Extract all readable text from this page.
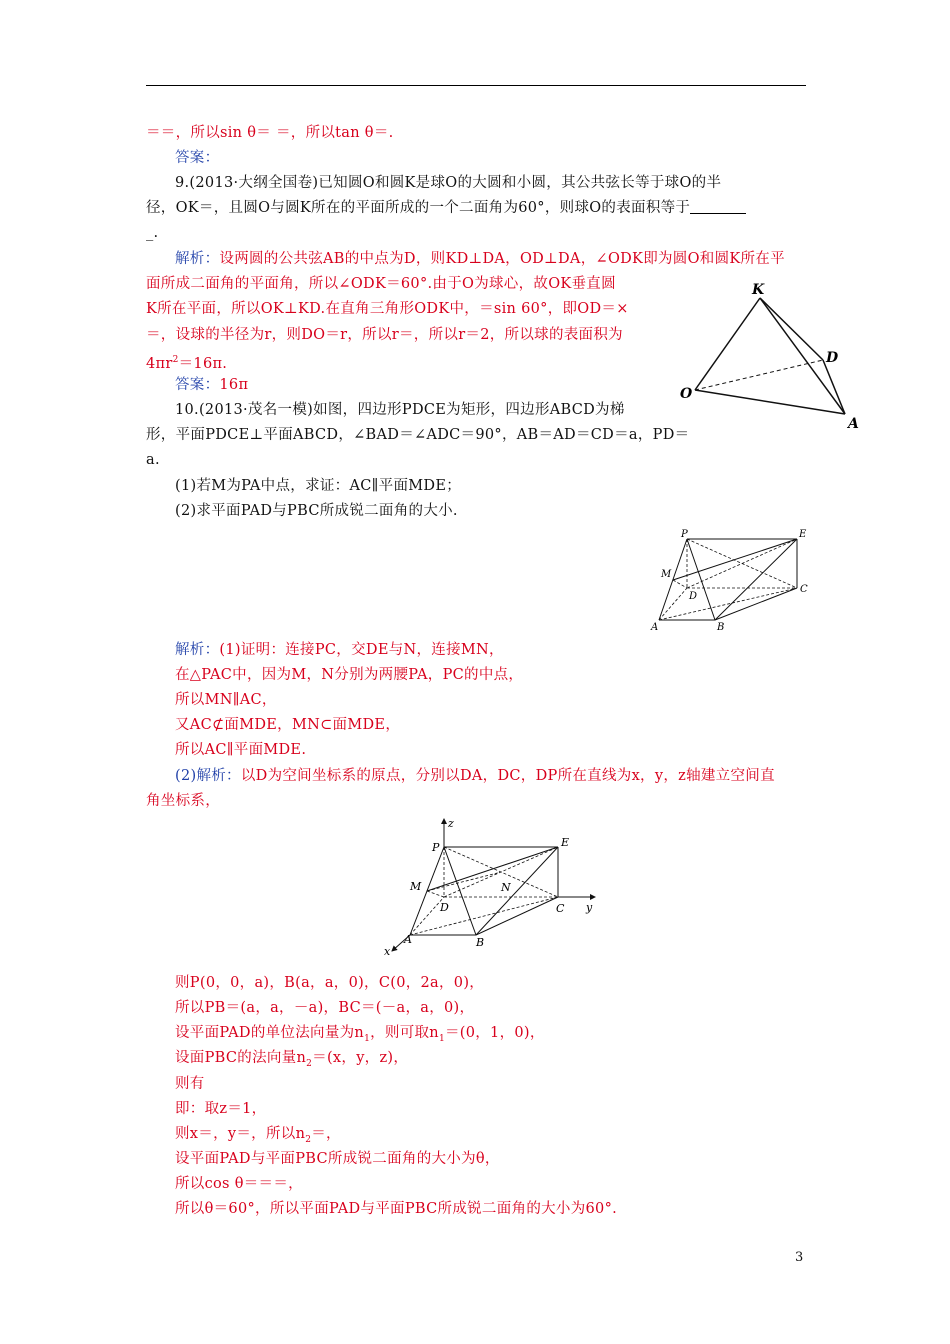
＝＝，所以sin θ＝ ＝，所以tan θ＝.
答案：
9.(2013·大纲全国卷)已知圆O和圆K是球O的大圆和小圆，其公共弦长等于球O的半
径，OK＝，且圆O与圆K所在的平面所成的一个二面角为60°，则球O的表面积等于
_.
解析：设两圆的公共弦AB的中点为D，则KD⊥DA，OD⊥DA，∠ODK即为圆O和圆K所在平
面所成二面角的平面角，所以∠ODK＝60°.由于O为球心，故OK垂直圆
K所在平面，所以OK⊥KD.在直角三角形ODK中，＝sin 60°，即OD＝×
＝，设球的半径为r，则DO＝r，所以r＝，所以r＝2，所以球的表面积为
$4\pi r^2=16\pi$.
答案：16π
10.(2013·茂名一模)如图，四边形PDCE为矩形，四边形ABCD为梯
形，平面PDCE⊥平面ABCD，∠BAD＝∠ADC＝90°，AB＝AD＝CD＝a，PD＝
a.
(1)若M为PA中点，求证：AC∥平面MDE；
(2)求平面PAD与PBC所成锐二面角的大小.
解析：(1)证明：连接PC，交DE与N，连接MN，
在△PAC中，因为M，N分别为两腰PA，PC的中点，
所以MN∥AC，
又AC⊄面MDE，MN⊂面MDE，
所以AC∥平面MDE.
(2)解析：以D为空间坐标系的原点，分别以DA，DC，DP所在直线为x，y，z轴建立空间直
角坐标系，
则P(0，0，a)，B(a，a，0)，C(0，2a，0)，
所以PB＝(a，a，－a)，BC＝(－a，a，0)，
设平面PAD的单位法向量为$n_1$，则可取$n_1=(0$，1，0)，
设面PBC的法向量$n_2=(x$，y，z)，
则有
即：取z＝1，
则x＝，y＝，所以$n_2=$，
设平面PAD与平面PBC所成锐二面角的大小为θ，
所以cos θ＝＝＝，
所以θ＝60°，所以平面PAD与平面PBC所成锐二面角的大小为60°.
K
D
O
A
P	E
M
D
C
A	B
z
P	E
M	N
D	C y
A	B
x
3
